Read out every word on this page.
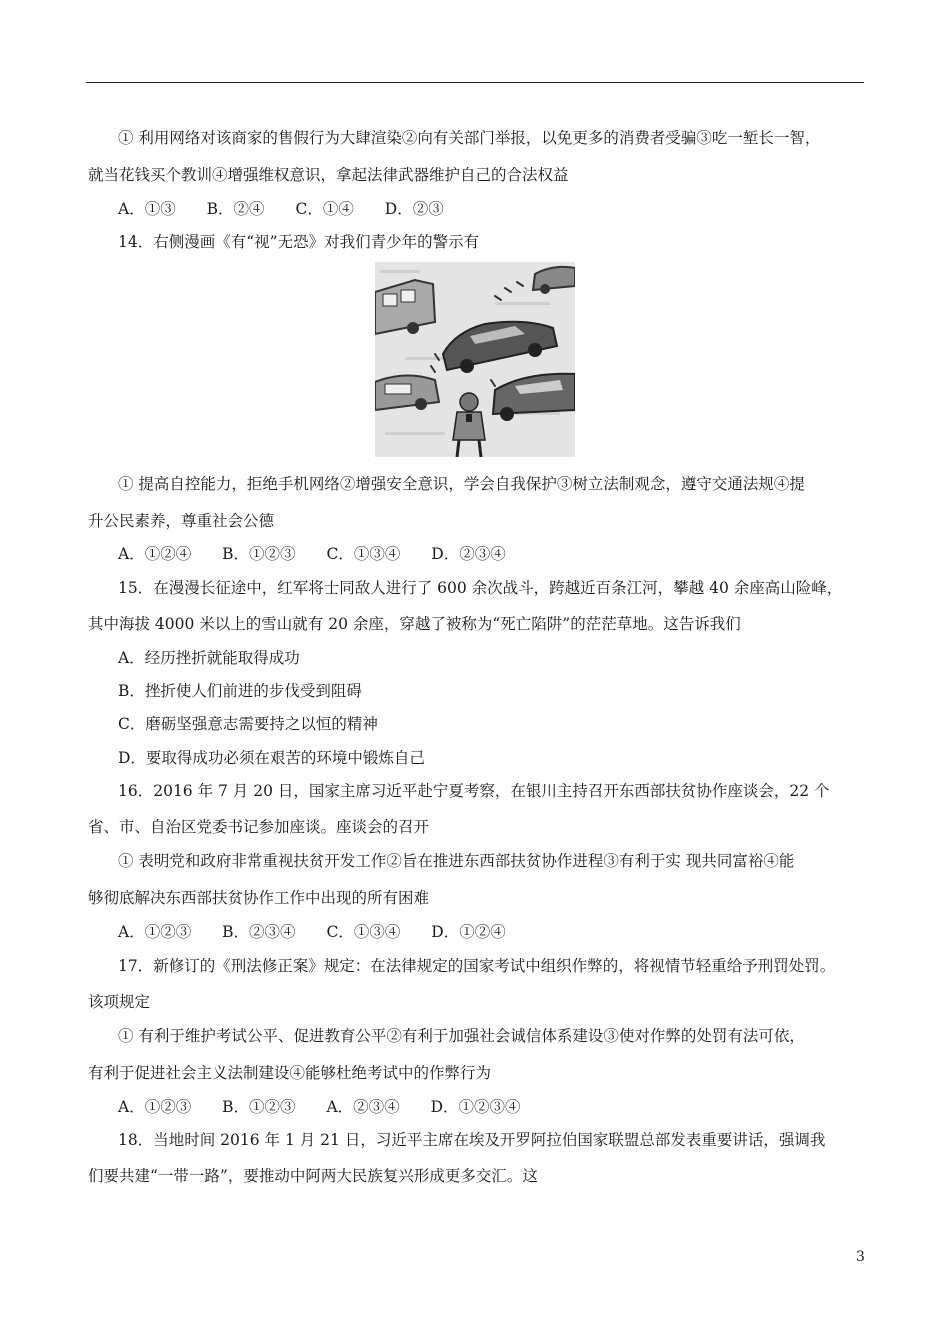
① 利用网络对该商家的售假行为大肆渲染②向有关部门举报，以免更多的消费者受骗③吃一堑长一智，
就当花钱买个教训④增强维权意识，拿起法律武器维护自己的合法权益
A．①③ B．②④ C．①④ D．②③
14．右侧漫画《有“视”无恐》对我们青少年的警示有
① 提高自控能力，拒绝手机网络②增强安全意识，学会自我保护③树立法制观念，遵守交通法规④提
升公民素养，尊重社会公德
A．①②④ B．①②③ C．①③④ D．②③④
15．在漫漫长征途中，红军将士同敌人进行了 600 余次战斗，跨越近百条江河，攀越 40 余座高山险峰，
其中海拔 4000 米以上的雪山就有 20 余座，穿越了被称为“死亡陷阱”的茫茫草地。这告诉我们
A．经历挫折就能取得成功
B．挫折使人们前进的步伐受到阻碍
C．磨砺坚强意志需要持之以恒的精神
D．要取得成功必须在艰苦的环境中锻炼自己
16．2016 年 7 月 20 日，国家主席习近平赴宁夏考察，在银川主持召开东西部扶贫协作座谈会，22 个
省、市、自治区党委书记参加座谈。座谈会的召开
① 表明党和政府非常重视扶贫开发工作②旨在推进东西部扶贫协作进程③有利于实 现共同富裕④能
够彻底解决东西部扶贫协作工作中出现的所有困难
A．①②③ B．②③④ C．①③④ D．①②④
17．新修订的《刑法修正案》规定：在法律规定的国家考试中组织作弊的，将视情节轻重给予刑罚处罚。
该项规定
① 有利于维护考试公平、促进教育公平②有利于加强社会诚信体系建设③使对作弊的处罚有法可依，
有利于促进社会主义法制建设④能够杜绝考试中的作弊行为
A．①②③ B．①②③ A．②③④ D．①②③④
18．当地时间 2016 年 1 月 21 日，习近平主席在埃及开罗阿拉伯国家联盟总部发表重要讲话，强调我
们要共建“一带一路”，要推动中阿两大民族复兴形成更多交汇。这
3
